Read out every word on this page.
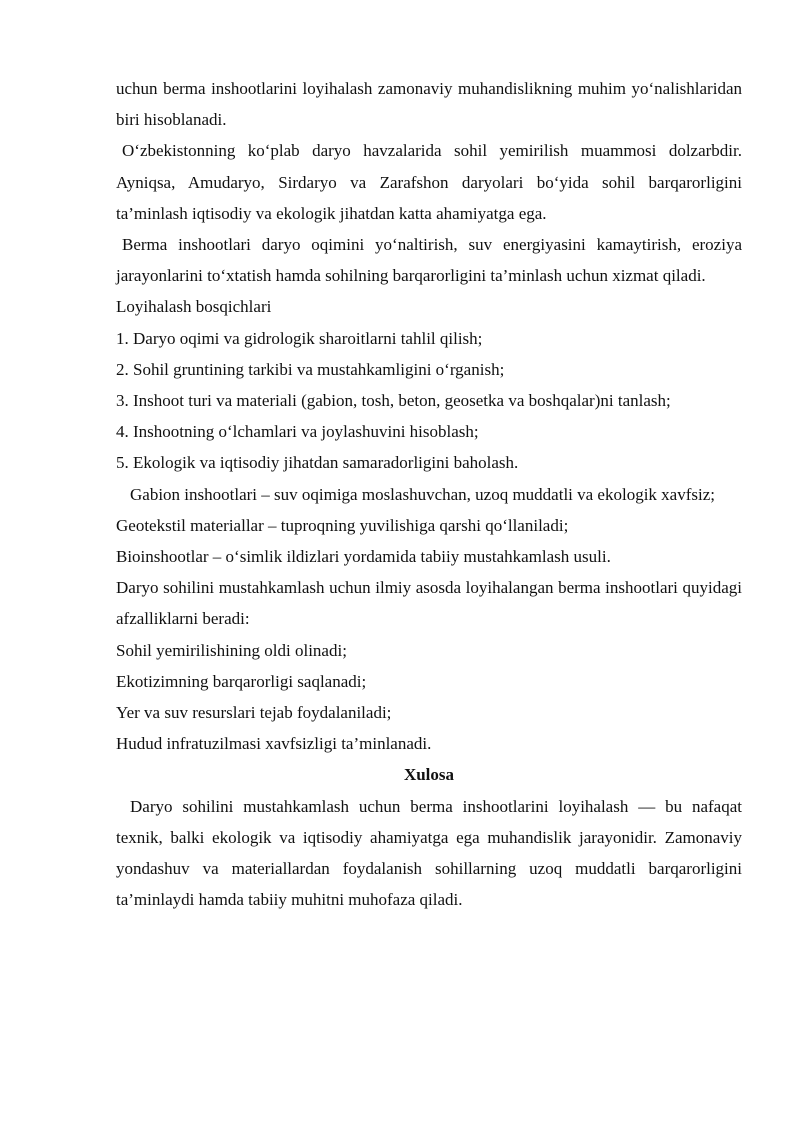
uchun berma inshootlarini loyihalash zamonaviy muhandislikning muhim yo‘nalishlaridan biri hisoblanadi.

O‘zbekistonning ko‘plab daryo havzalarida sohil yemirilish muammosi dolzarbdir. Ayniqsa, Amudaryo, Sirdaryo va Zarafshon daryolari bo‘yida sohil barqarorligini ta’minlash iqtisodiy va ekologik jihatdan katta ahamiyatga ega.

Berma inshootlari daryo oqimini yo‘naltirish, suv energiyasini kamaytirish, eroziya jarayonlarini to‘xtatish hamda sohilning barqarorligini ta’minlash uchun xizmat qiladi.

Loyihalash bosqichlari

1. Daryo oqimi va gidrologik sharoitlarni tahlil qilish;

2. Sohil gruntining tarkibi va mustahkamligini o‘rganish;

3. Inshoot turi va materiali (gabion, tosh, beton, geosetka va boshqalar)ni tanlash;

4. Inshootning o‘lchamlari va joylashuvini hisoblash;

5. Ekologik va iqtisodiy jihatdan samaradorligini baholash.

Gabion inshootlari – suv oqimiga moslashuvchan, uzoq muddatli va ekologik xavfsiz;

Geotekstil materiallar – tuproqning yuvilishiga qarshi qo‘llaniladi;

Bioinshootlar – o‘simlik ildizlari yordamida tabiiy mustahkamlash usuli.

Daryo sohilini mustahkamlash uchun ilmiy asosda loyihalangan berma inshootlari quyidagi afzalliklarni beradi:

Sohil yemirilishining oldi olinadi;

Ekotizimning barqarorligi saqlanadi;

Yer va suv resurslari tejab foydalaniladi;

Hudud infratuzilmasi xavfsizligi ta’minlanadi.

Xulosa

Daryo sohilini mustahkamlash uchun berma inshootlarini loyihalash — bu nafaqat texnik, balki ekologik va iqtisodiy ahamiyatga ega muhandislik jarayonidir. Zamonaviy yondashuv va materiallardan foydalanish sohillarning uzoq muddatli barqarorligini ta’minlaydi hamda tabiiy muhitni muhofaza qiladi.
